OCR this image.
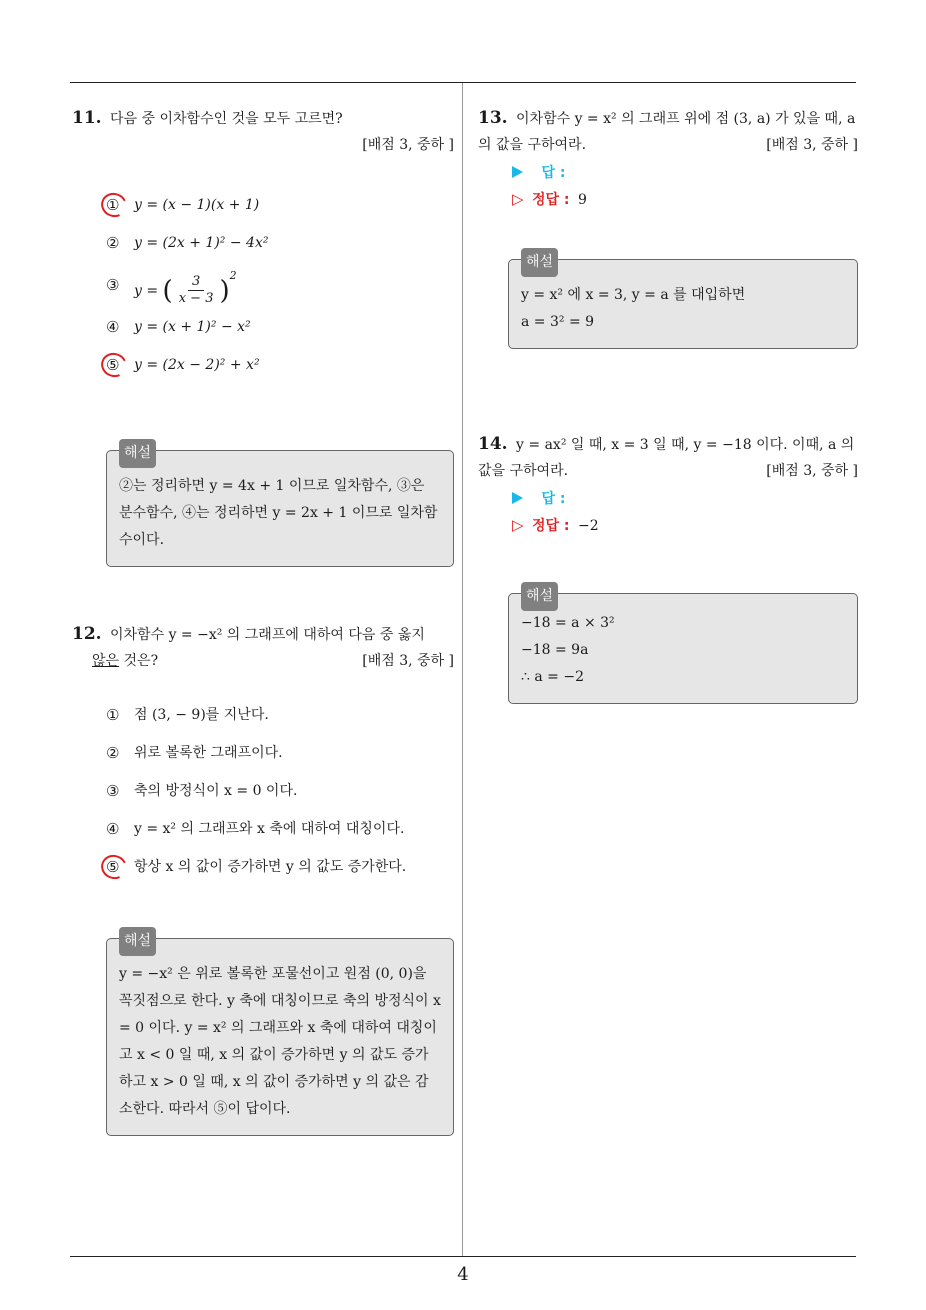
4
11. 다음 중 이차함수인 것을 모두 고르면?
[배점 3, 중하 ]
①	y = (x − 1)(x + 1)
②	y = (2x + 1)² − 4x²
③	y = ( $\frac{3}{x - 3} )^2$
④	y = (x + 1)² − x²
⑤	y = (2x − 2)² + x²
해설
②는 정리하면 y = 4x + 1 이므로 일차함수, ③은 분수함수, ④는 정리하면 y = 2x + 1 이므로 일차함수이다.
12. 이차함수 y = −x² 의 그래프에 대하여 다음 중 옳지
않은 것은?	[배점 3, 중하 ]
①	점 (3, − 9)를 지난다.
②	위로 볼록한 그래프이다.
③	축의 방정식이 x = 0 이다.
④	y = x² 의 그래프와 x 축에 대하여 대칭이다.
⑤	항상 x 의 값이 증가하면 y 의 값도 증가한다.
해설
y = −x² 은 위로 볼록한 포물선이고 원점 (0, 0)을 꼭짓점으로 한다. y 축에 대칭이므로 축의 방정식이 x = 0 이다. y = x² 의 그래프와 x 축에 대하여 대칭이고 x < 0 일 때, x 의 값이 증가하면 y 의 값도 증가하고 x > 0 일 때, x 의 값이 증가하면 y 의 값은 감소한다. 따라서 ⑤이 답이다.
13. 이차함수 y = x² 의 그래프 위에 점 (3, a) 가 있을 때, a 의 값을 구하여라.	[배점 3, 중하 ]
답 :
▷ 정답 : 9
해설
y = x² 에 x = 3, y = a 를 대입하면
a = 3² = 9
14. y = ax² 일 때, x = 3 일 때, y = −18 이다. 이때, a 의 값을 구하여라.	[배점 3, 중하 ]
답 :
▷ 정답 : −2
해설
−18 = a × 3²
−18 = 9a
∴ a = −2
